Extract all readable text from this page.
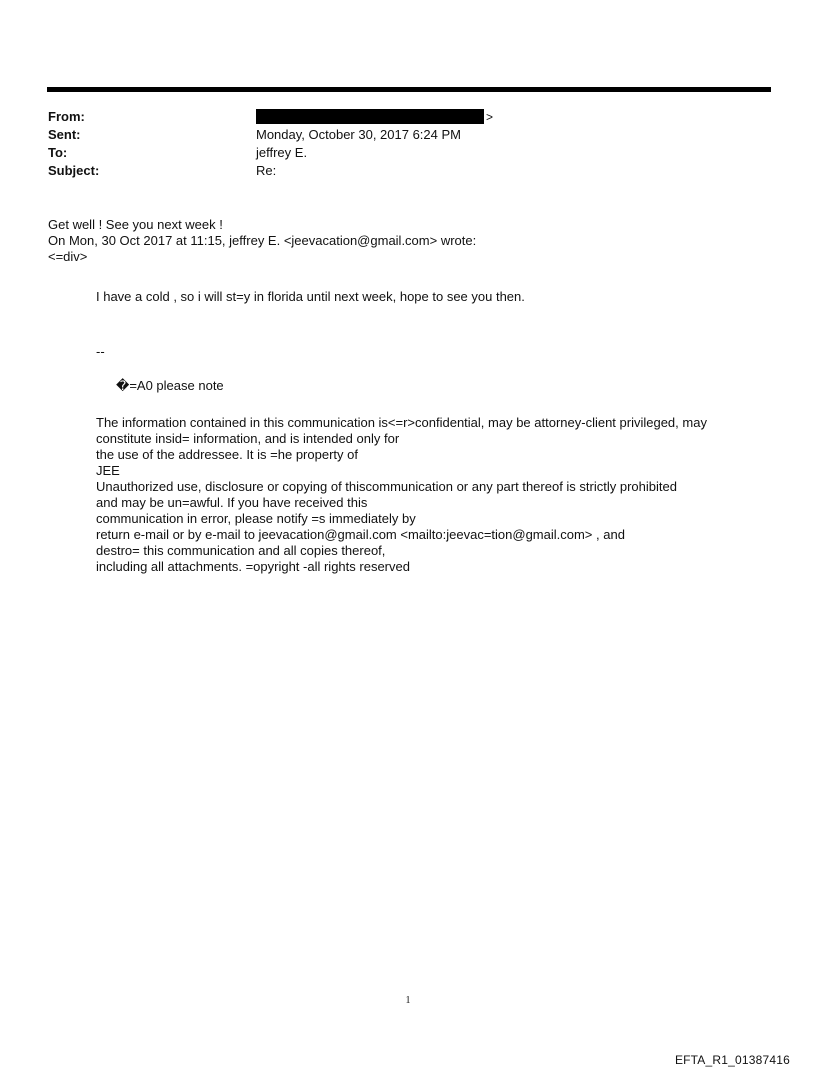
From:	>
Sent:	Monday, October 30, 2017 6:24 PM
To:	jeffrey E.
Subject:	Re:

Get well ! See you next week !

On Mon, 30 Oct 2017 at 11:15, jeffrey E. <jeevacation@gmail.com> wrote:

<=div>

I have a cold , so i will st=y in florida until next week, hope to see you then.

--

�=A0 please note

The information contained in this communication is<=r>confidential, may be attorney-client privileged, may

constitute insid= information, and is intended only for

the use of the addressee. It is =he property of

JEE

Unauthorized use, disclosure or copying of thiscommunication or any part thereof is strictly prohibited

and may be un=awful. If you have received this

communication in error, please notify =s immediately by

return e-mail or by e-mail to jeevacation@gmail.com <mailto:jeevac=tion@gmail.com> , and

destro= this communication and all copies thereof,

including all attachments. =opyright -all rights reserved

1
EFTA_R1_01387416
